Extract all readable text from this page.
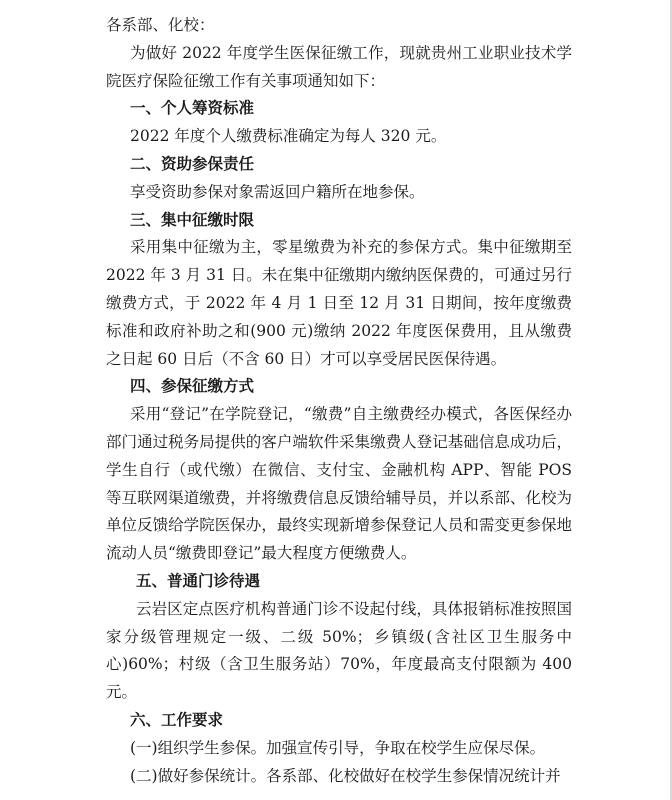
各系部、化校：
为做好 2022 年度学生医保征缴工作，现就贵州工业职业技术学院医疗保险征缴工作有关事项通知如下：
一、个人筹资标准
2022 年度个人缴费标准确定为每人 320 元。
二、资助参保责任
享受资助参保对象需返回户籍所在地参保。
三、集中征缴时限
采用集中征缴为主，零星缴费为补充的参保方式。集中征缴期至 2022 年 3 月 31 日。未在集中征缴期内缴纳医保费的，可通过另行缴费方式，于 2022 年 4 月 1 日至 12 月 31 日期间，按年度缴费标准和政府补助之和(900 元)缴纳 2022 年度医保费用，且从缴费之日起 60 日后（不含 60 日）才可以享受居民医保待遇。
四、参保征缴方式
采用“登记”在学院登记，“缴费”自主缴费经办模式，各医保经办部门通过税务局提供的客户端软件采集缴费人登记基础信息成功后，学生自行（或代缴）在微信、支付宝、金融机构 APP、智能 POS 等互联网渠道缴费，并将缴费信息反馈给辅导员，并以系部、化校为单位反馈给学院医保办，最终实现新增参保登记人员和需变更参保地流动人员“缴费即登记”最大程度方便缴费人。
五、普通门诊待遇
云岩区定点医疗机构普通门诊不设起付线，具体报销标准按照国家分级管理规定一级、二级 50%；乡镇级(含社区卫生服务中心)60%；村级（含卫生服务站）70%，年度最高支付限额为 400 元。
六、工作要求
(一)组织学生参保。加强宣传引导，争取在校学生应保尽保。
(二)做好参保统计。各系部、化校做好在校学生参保情况统计并
